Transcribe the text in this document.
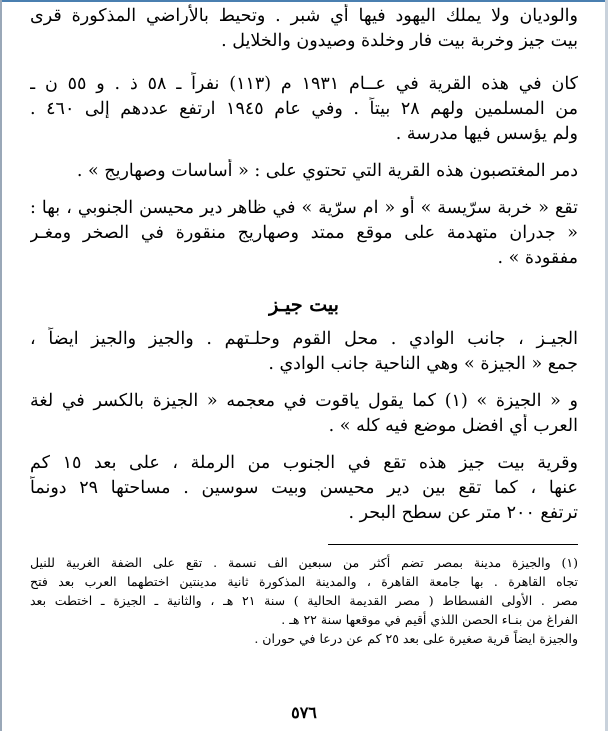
والوديان ولا يملك اليهود فيها أي شبر . وتحيط بالأراضي المذكورة قرى
بيت جيز وخربة بيت فار وخلدة وصيدون والخلايل .
كان في هذه القرية في عــام ١٩٣١ م (١١٣) نفراً ـ ٥٨ ذ . و ٥٥ ن ـ
من المسلمين ولهم ٢٨ بيتاً . وفي عام ١٩٤٥ ارتفع عددهم إلى ٤٦٠ .
ولم يؤسس فيها مدرسة .
دمر المغتصبون هذه القرية التي تحتوي على : « أساسات وصهاريج » .
تقع « خربة سرّيسة » أو « ام سرّية » في ظاهر دير محيسن الجنوبي ، بها :
« جدران متهدمة على موقع ممتد وصهاريج منقورة في الصخر ومغـر
مفقودة » .
بيت جيـز
الجيـز ، جانب الوادي . محل القوم وحلـتهم . والجيز والجيز ايضاً ،
جمع « الجيزة » وهي الناحية جانب الوادي .
و « الجيزة » (١) كما يقول ياقوت في معجمه « الجيزة بالكسر في لغة
العرب أي افضل موضع فيه كله » .
وقرية بيت جيز هذه تقع في الجنوب من الرملة ، على بعد ١٥ كم
عنها ، كما تقع بين دير محيسن وبيت سوسين . مساحتها ٢٩ دونماً
ترتفع ٢٠٠ متر عن سطح البحر .
(١) والجيزة مدينة بمصر تضم أكثر من سبعين الف نسمة . تقع على الضفة الغربية للنيل
تجاه القاهرة . بها جامعة القاهرة ، والمدينة المذكورة ثانية مدينتين اختطهما العرب بعد فتح
مصر . الأولى الفسطاط ( مصر القديمة الحالية ) سنة ٢١ هـ ، والثانية ـ الجيزة ـ اختطت بعد
الفراغ من بنـاء الحصن اللذي أقيم في موقعها سنة ٢٢ هـ .
والجيزة ايضاً قرية صغيرة على بعد ٢٥ كم عن درعا في حوران .
٥٧٦
